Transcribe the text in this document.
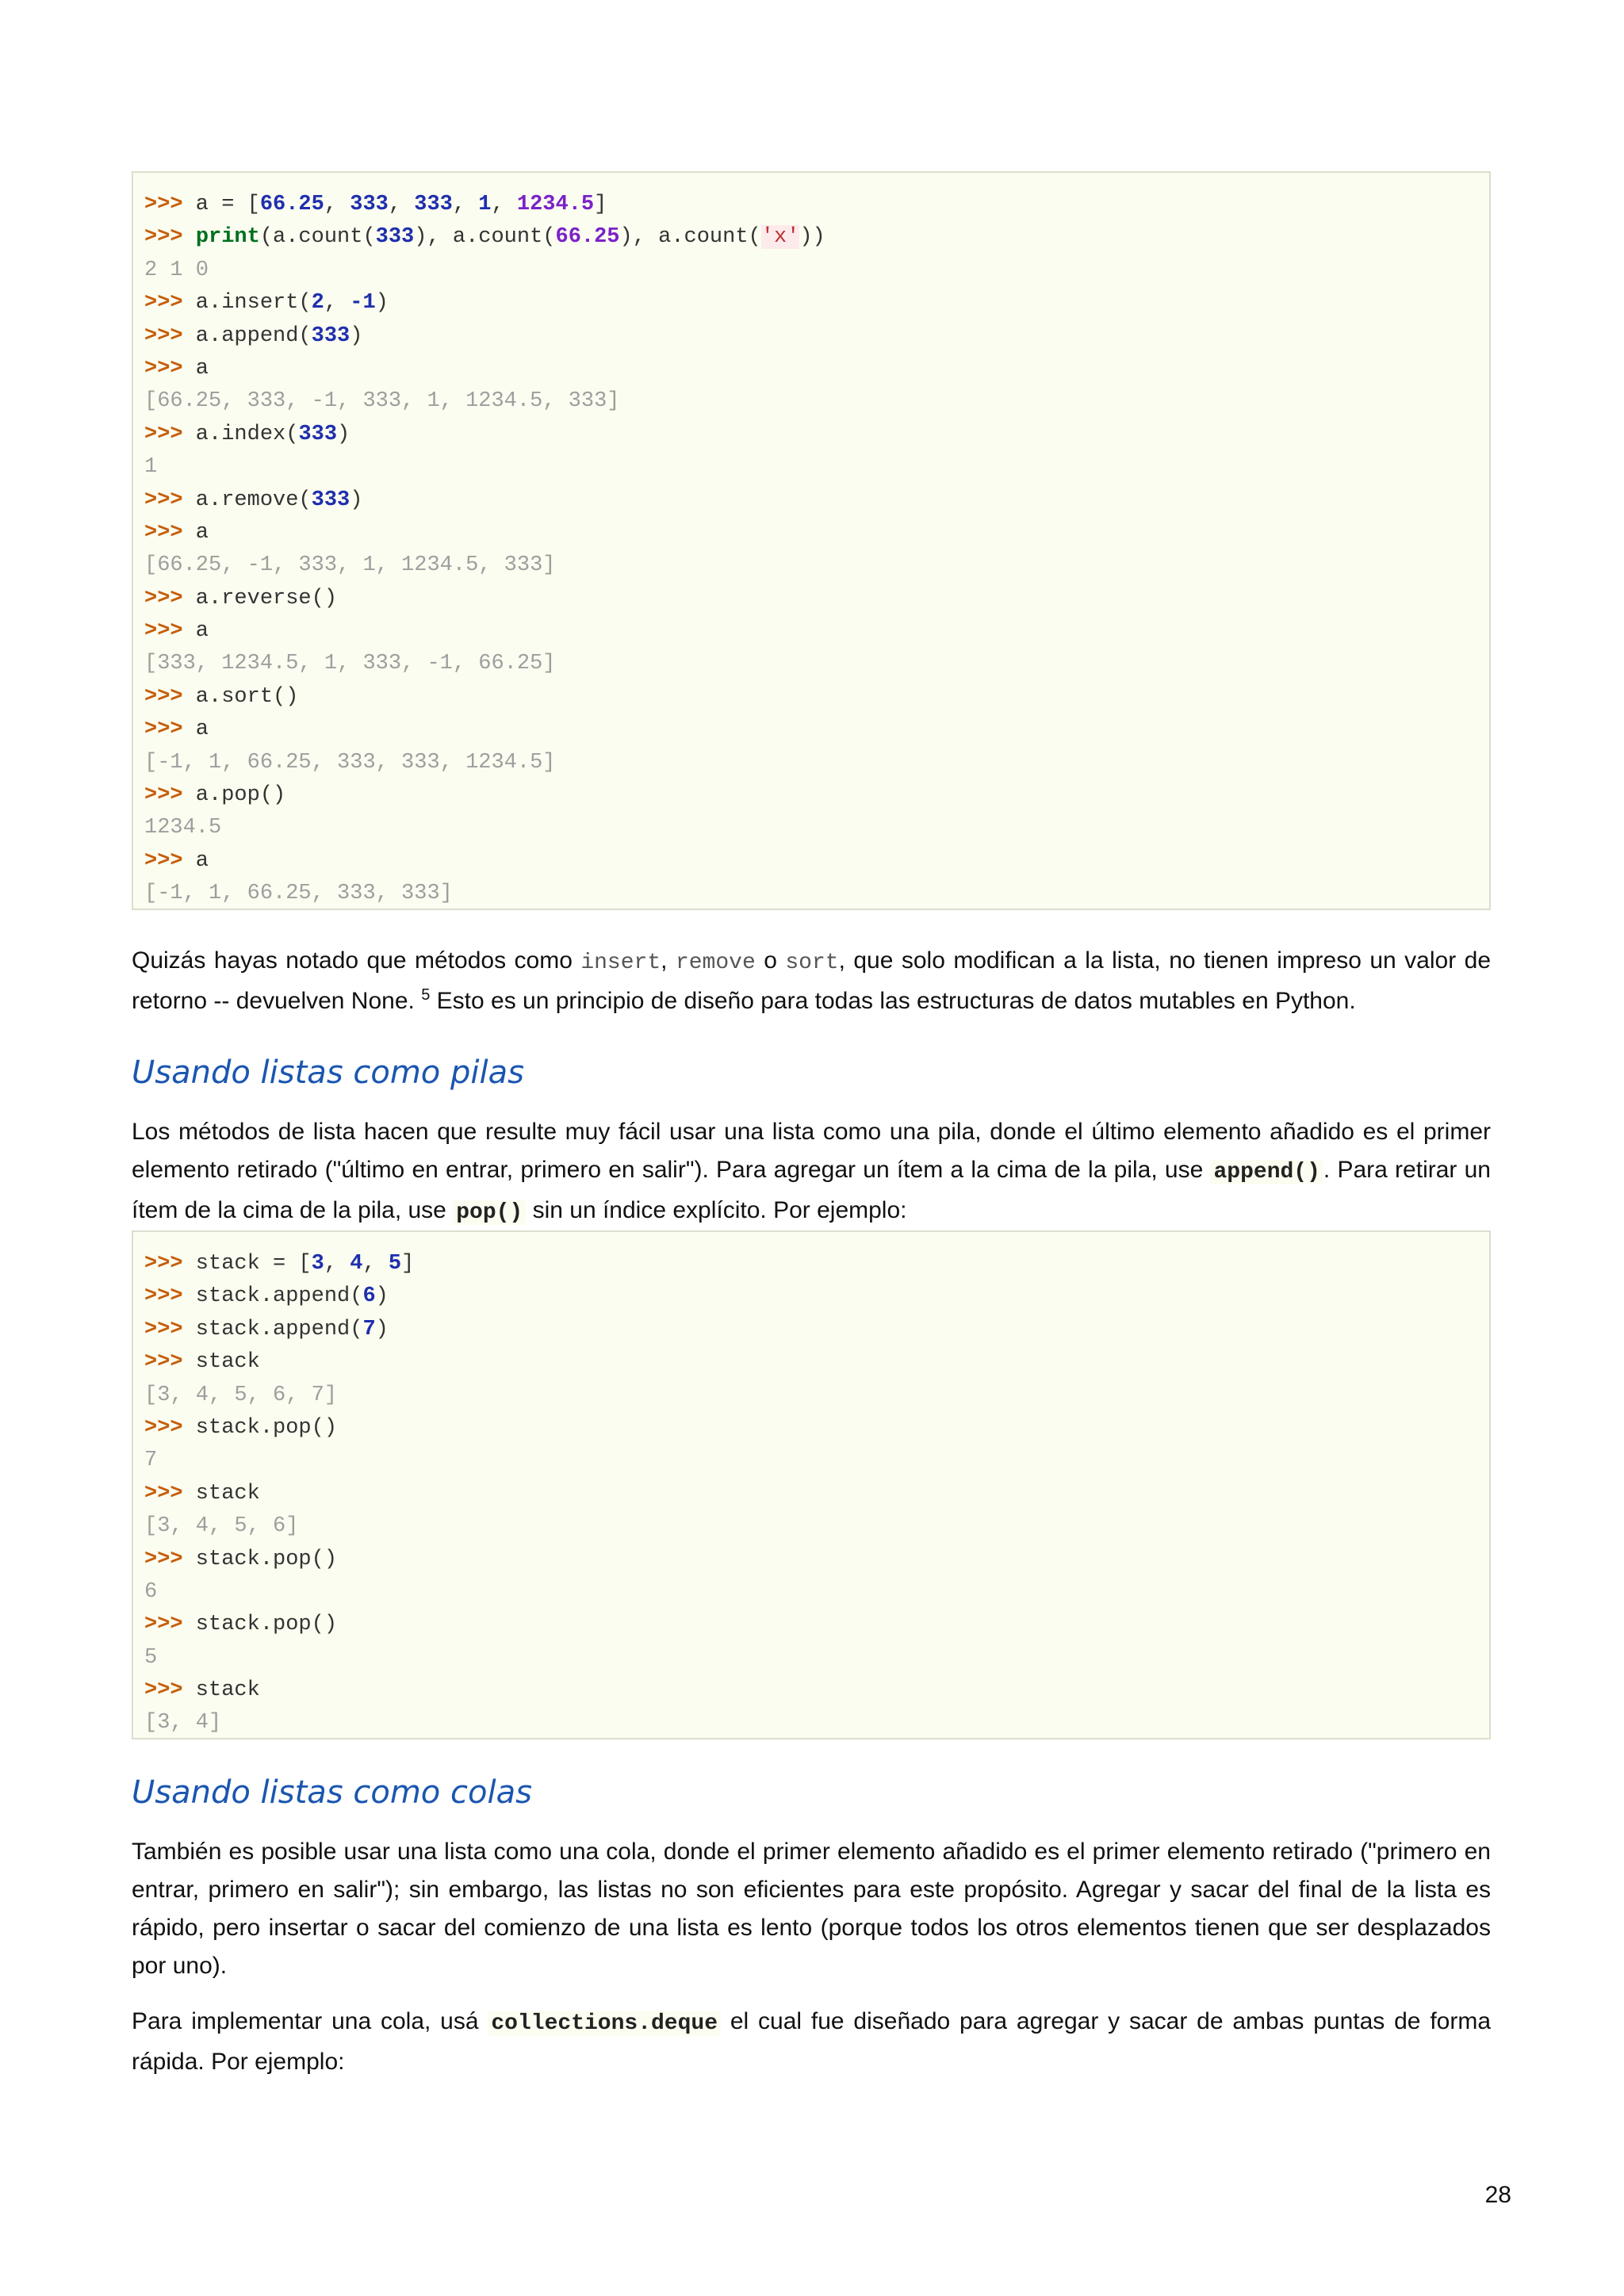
>>> a = [66.25, 333, 333, 1, 1234.5]
>>> print(a.count(333), a.count(66.25), a.count('x'))
2 1 0
>>> a.insert(2, -1)
>>> a.append(333)
>>> a
[66.25, 333, -1, 333, 1, 1234.5, 333]
>>> a.index(333)
1
>>> a.remove(333)
>>> a
[66.25, -1, 333, 1, 1234.5, 333]
>>> a.reverse()
>>> a
[333, 1234.5, 1, 333, -1, 66.25]
>>> a.sort()
>>> a
[-1, 1, 66.25, 333, 333, 1234.5]
>>> a.pop()
1234.5
>>> a
[-1, 1, 66.25, 333, 333]

Quizás hayas notado que métodos como insert, remove o sort, que solo modifican a la lista, no tienen impreso un valor de retorno -- devuelven None. $^5$ Esto es un principio de diseño para todas las estructuras de datos mutables en Python.

Usando listas como pilas

Los métodos de lista hacen que resulte muy fácil usar una lista como una pila, donde el último elemento añadido es el primer elemento retirado ("último en entrar, primero en salir"). Para agregar un ítem a la cima de la pila, use append() . Para retirar un ítem de la cima de la pila, use pop() sin un índice explícito. Por ejemplo:

>>> stack = [3, 4, 5]
>>> stack.append(6)
>>> stack.append(7)
>>> stack
[3, 4, 5, 6, 7]
>>> stack.pop()
7
>>> stack
[3, 4, 5, 6]
>>> stack.pop()
6
>>> stack.pop()
5
>>> stack
[3, 4]
Usando listas como colas

También es posible usar una lista como una cola, donde el primer elemento añadido es el primer elemento retirado ("primero en entrar, primero en salir"); sin embargo, las listas no son eficientes para este propósito. Agregar y sacar del final de la lista es rápido, pero insertar o sacar del comienzo de una lista es lento (porque todos los otros elementos tienen que ser desplazados por uno).

Para implementar una cola, usá collections.deque el cual fue diseñado para agregar y sacar de ambas puntas de forma rápida. Por ejemplo:

28
